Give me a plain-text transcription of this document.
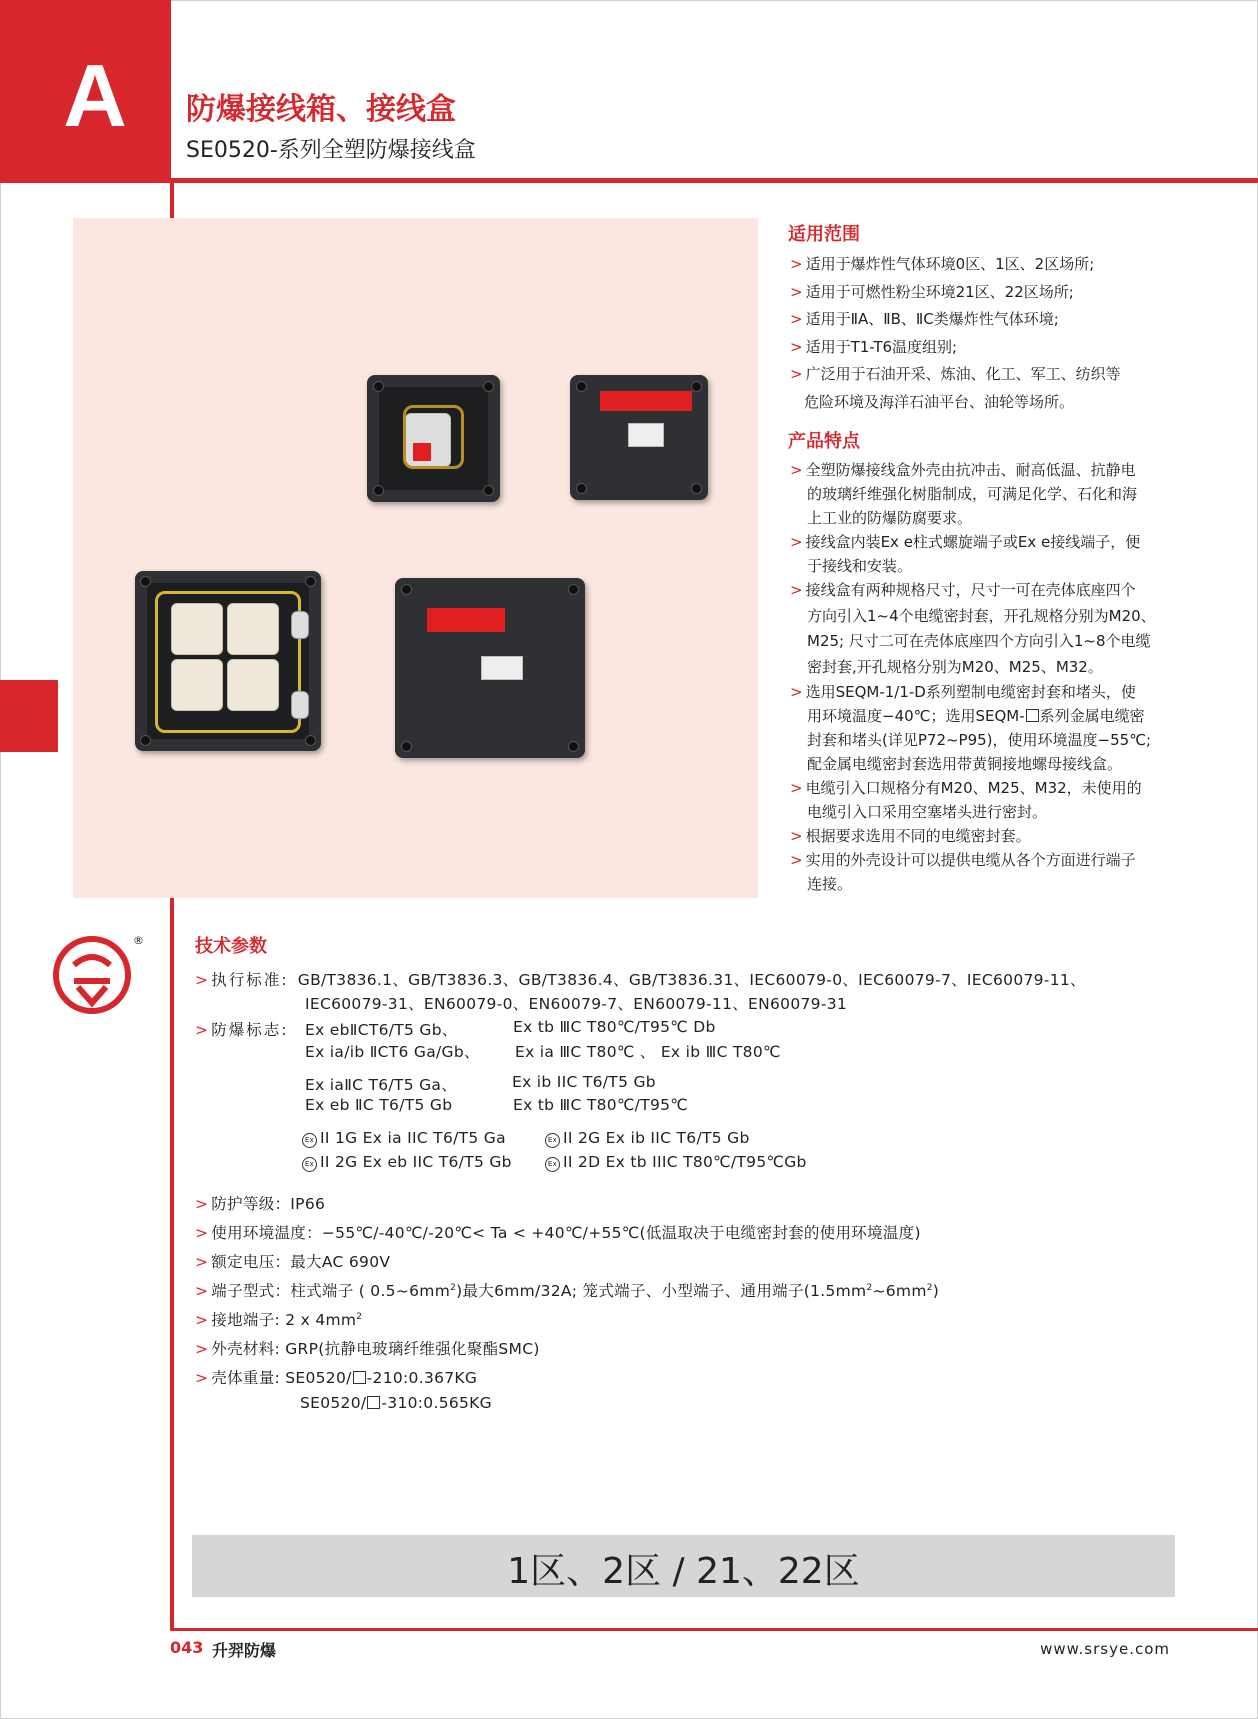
A	防爆接线箱、接线盒
SE0520-系列全塑防爆接线盒
适用范围
> 适用于爆炸性气体环境0区、1区、2区场所;
> 适用于可燃性粉尘环境21区、22区场所;
> 适用于ⅡA、ⅡB、ⅡC类爆炸性气体环境;
> 适用于T1-T6温度组别;
> 广泛用于石油开采、炼油、化工、军工、纺织等
危险环境及海洋石油平台、油轮等场所。
产品特点
> 全塑防爆接线盒外壳由抗冲击、耐高低温、抗静电
的玻璃纤维强化树脂制成，可满足化学、石化和海
上工业的防爆防腐要求。
> 接线盒内装Ex e柱式螺旋端子或Ex e接线端子，便
于接线和安装。
> 接线盒有两种规格尺寸，尺寸一可在壳体底座四个
方向引入1~4个电缆密封套，开孔规格分别为M20、
M25; 尺寸二可在壳体底座四个方向引入1~8个电缆
密封套,开孔规格分别为M20、M25、M32。
> 选用SEQM-1/1-D系列塑制电缆密封套和堵头，使
用环境温度−40℃；选用SEQM- 系列金属电缆密
封套和堵头(详见P72~P95)，使用环境温度−55℃;
配金属电缆密封套选用带黄铜接地螺母接线盒。
> 电缆引入口规格分有M20、M25、M32，未使用的
电缆引入口采用空塞堵头进行密封。
> 根据要求选用不同的电缆密封套。
> 实用的外壳设计可以提供电缆从各个方面进行端子
连接。
®	技术参数
> 执行标准: GB/T3836.1、GB/T3836.3、GB/T3836.4、GB/T3836.31、IEC60079-0、IEC60079-7、IEC60079-11、
IEC60079-31、EN60079-0、EN60079-7、EN60079-11、EN60079-31
> 防爆标志: Ex ebⅡCT6/T5 Gb、	Ex tb ⅢC T80℃/T95℃ Db
Ex ia/ib ⅡCT6 Ga/Gb、 Ex ia ⅢC T80℃ 、 Ex ib ⅢC T80℃
Ex iaⅡC T6/T5 Ga、	Ex ib IIC T6/T5 Gb
Ex eb ⅡC T6/T5 Gb	Ex tb ⅢC T80℃/T95℃
Ex II 1G Ex ia IIC T6/T5 Ga	Ex II 2G Ex ib IIC T6/T5 Gb
Ex II 2G Ex eb IIC T6/T5 Gb	Ex II 2D Ex tb IIIC T80℃/T95℃Gb
> 防护等级：IP66
> 使用环境温度：−55℃/-40℃/-20℃< Ta < +40℃/+55℃(低温取决于电缆密封套的使用环境温度)
> 额定电压：最大AC 690V
> 端子型式：柱式端子 ( $0.5\sim 6mm^2$)最大6mm/32A; 笼式端子、小型端子、通用端子$(1.5mm^2\sim 6mm^2)$
> 接地端子: 2 x $4mm^2$
> 外壳材料: GRP(抗静电玻璃纤维强化聚酯SMC)
> 壳体重量: SE0520/ -210:0.367KG
SE0520/ -310:0.565KG
1区、2区 / 21、22区
043 升羿防爆	www.srsye.com
